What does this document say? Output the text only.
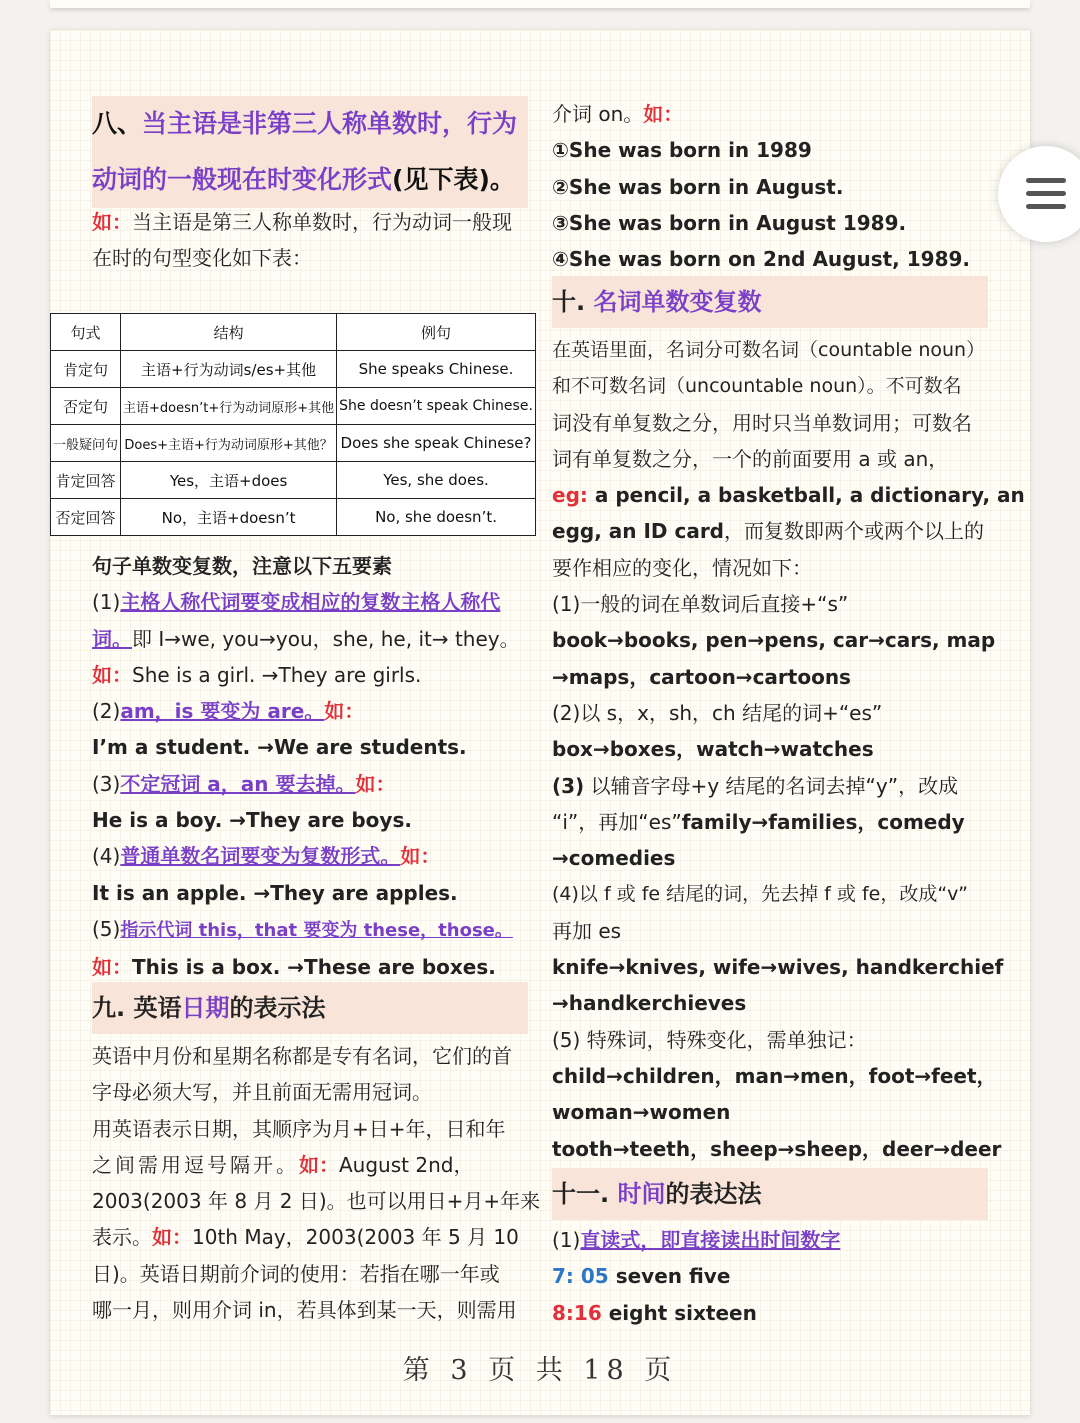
八、当主语是非第三人称单数时，行为
动词的一般现在时变化形式(见下表)。
如：当主语是第三人称单数时，行为动词一般现
在时的句型变化如下表：
句式	结构	例句
肯定句	主语+行为动词s/es+其他	She speaks Chinese.
否定句	主语+doesn’t+行为动词原形+其他	She doesn’t speak Chinese.
一般疑问句	Does+主语+行为动词原形+其他？	Does she speak Chinese?
肯定回答	Yes，主语+does	Yes, she does.
否定回答	No，主语+doesn’t	No, she doesn’t.
句子单数变复数，注意以下五要素
(1)主格人称代词要变成相应的复数主格人称代
词。即 I→we, you→you，she, he, it→ they。
如：She is a girl. →They are girls.
(2)am，is 要变为 are。如：
I’m a student. →We are students.
(3)不定冠词 a，an 要去掉。如：
He is a boy. →They are boys.
(4)普通单数名词要变为复数形式。如：
It is an apple. →They are apples.
(5)指示代词 this，that 要变为 these，those。
如：This is a box. →These are boxes.
九. 英语日期的表示法
英语中月份和星期名称都是专有名词，它们的首
字母必须大写，并且前面无需用冠词。
用英语表示日期，其顺序为月+日+年，日和年
之间需用逗号隔开。如：August 2nd，
2003(2003 年 8 月 2 日)。也可以用日+月+年来
表示。如：10th May，2003(2003 年 5 月 10
日)。英语日期前介词的使用：若指在哪一年或
哪一月，则用介词 in，若具体到某一天，则需用
介词 on。如：
①She was born in 1989
②She was born in August.
③She was born in August 1989.
④She was born on 2nd August, 1989.
十. 名词单数变复数
在英语里面，名词分可数名词（countable noun）
和不可数名词（uncountable noun）。不可数名
词没有单复数之分，用时只当单数词用；可数名
词有单复数之分，一个的前面要用 a 或 an，
eg: a pencil, a basketball, a dictionary, an
egg, an ID card，而复数即两个或两个以上的
要作相应的变化，情况如下：
(1)一般的词在单数词后直接+“s”
book→books, pen→pens, car→cars, map
→maps，cartoon→cartoons
(2)以 s，x，sh，ch 结尾的词+“es”
box→boxes，watch→watches
(3) 以辅音字母+y 结尾的名词去掉“y”，改成
“i”，再加“es”family→families，comedy
→comedies
(4)以 f 或 fe 结尾的词，先去掉 f 或 fe，改成“v”
再加 es
knife→knives, wife→wives, handkerchief
→handkerchieves
(5) 特殊词，特殊变化，需单独记：
child→children，man→men，foot→feet，
woman→women
tooth→teeth，sheep→sheep，deer→deer
十一. 时间的表达法
(1)直读式，即直接读出时间数字
7: 05 seven five
8:16 eight sixteen
第 3 页 共 18 页
